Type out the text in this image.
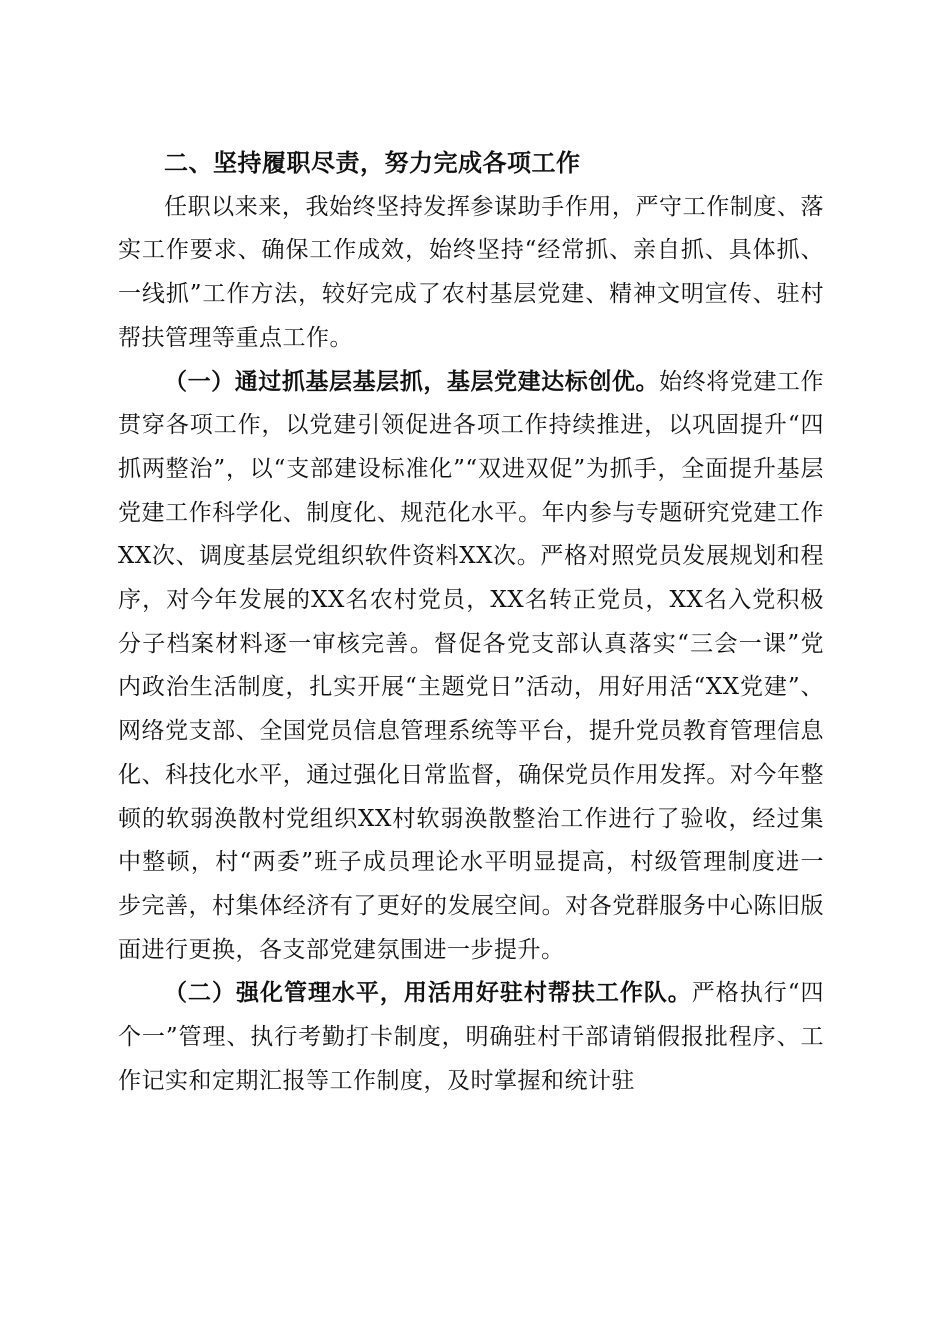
二、坚持履职尽责，努力完成各项工作

任职以来来，我始终坚持发挥参谋助手作用，严守工作制度、落实工作要求、确保工作成效，始终坚持“经常抓、亲自抓、具体抓、一线抓”工作方法，较好完成了农村基层党建、精神文明宣传、驻村帮扶管理等重点工作。

（一）通过抓基层基层抓，基层党建达标创优。始终将党建工作贯穿各项工作，以党建引领促进各项工作持续推进，以巩固提升“四抓两整治”，以“支部建设标准化”“双进双促”为抓手，全面提升基层党建工作科学化、制度化、规范化水平。年内参与专题研究党建工作XX次、调度基层党组织软件资料XX次。严格对照党员发展规划和程序，对今年发展的XX名农村党员，XX名转正党员，XX名入党积极分子档案材料逐一审核完善。督促各党支部认真落实“三会一课”党内政治生活制度，扎实开展“主题党日”活动，用好用活“XX党建”、网络党支部、全国党员信息管理系统等平台，提升党员教育管理信息化、科技化水平，通过强化日常监督，确保党员作用发挥。对今年整顿的软弱涣散村党组织XX村软弱涣散整治工作进行了验收，经过集中整顿，村“两委”班子成员理论水平明显提高，村级管理制度进一步完善，村集体经济有了更好的发展空间。对各党群服务中心陈旧版面进行更换，各支部党建氛围进一步提升。

（二）强化管理水平，用活用好驻村帮扶工作队。严格执行“四个一”管理、执行考勤打卡制度，明确驻村干部请销假报批程序、工作记实和定期汇报等工作制度，及时掌握和统计驻
